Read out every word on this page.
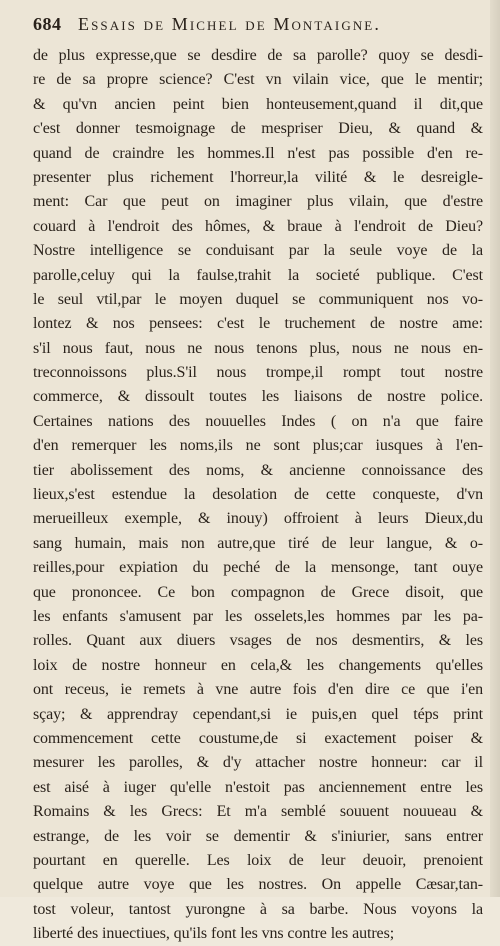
684 Essais de Michel de Montaigne.
de plus expresse,que se desdire de sa parolle? quoy se desdi-
re de sa propre science? C'est vn vilain vice, que le mentir;
& qu'vn ancien peint bien honteusement,quand il dit,que
c'est donner tesmoignage de mespriser Dieu, & quand &
quand de craindre les hommes.Il n'est pas possible d'en re-
presenter plus richement l'horreur,la vilité & le desreigle-
ment: Car que peut on imaginer plus vilain, que d'estre
couard à l'endroit des hômes, & braue à l'endroit de Dieu?
Nostre intelligence se conduisant par la seule voye de la
parolle,celuy qui la faulse,trahit la societé publique. C'est
le seul vtil,par le moyen duquel se communiquent nos vo-
lontez & nos pensees: c'est le truchement de nostre ame:
s'il nous faut, nous ne nous tenons plus, nous ne nous en-
treconnoissons plus.S'il nous trompe,il rompt tout nostre
commerce, & dissoult toutes les liaisons de nostre police.
Certaines nations des nouuelles Indes ( on n'a que faire
d'en remerquer les noms,ils ne sont plus;car iusques à l'en-
tier abolissement des noms, & ancienne connoissance des
lieux,s'est estendue la desolation de cette conqueste, d'vn
merueilleux exemple, & inouy) offroient à leurs Dieux,du
sang humain, mais non autre,que tiré de leur langue, & o-
reilles,pour expiation du peché de la mensonge, tant ouye
que prononcee. Ce bon compagnon de Grece disoit, que
les enfants s'amusent par les osselets,les hommes par les pa-
rolles. Quant aux diuers vsages de nos desmentirs, & les
loix de nostre honneur en cela,& les changements qu'elles
ont receus, ie remets à vne autre fois d'en dire ce que i'en
sçay; & apprendray cependant,si ie puis,en quel téps print
commencement cette coustume,de si exactement poiser &
mesurer les parolles, & d'y attacher nostre honneur: car il
est aisé à iuger qu'elle n'estoit pas anciennement entre les
Romains & les Grecs: Et m'a semblé souuent nouueau &
estrange, de les voir se dementir & s'iniurier, sans entrer
pourtant en querelle. Les loix de leur deuoir, prenoient
quelque autre voye que les nostres. On appelle Cæsar,tan-
tost voleur, tantost yurongne à sa barbe. Nous voyons la
liberté des inuectiues, qu'ils font les vns contre les autres;
